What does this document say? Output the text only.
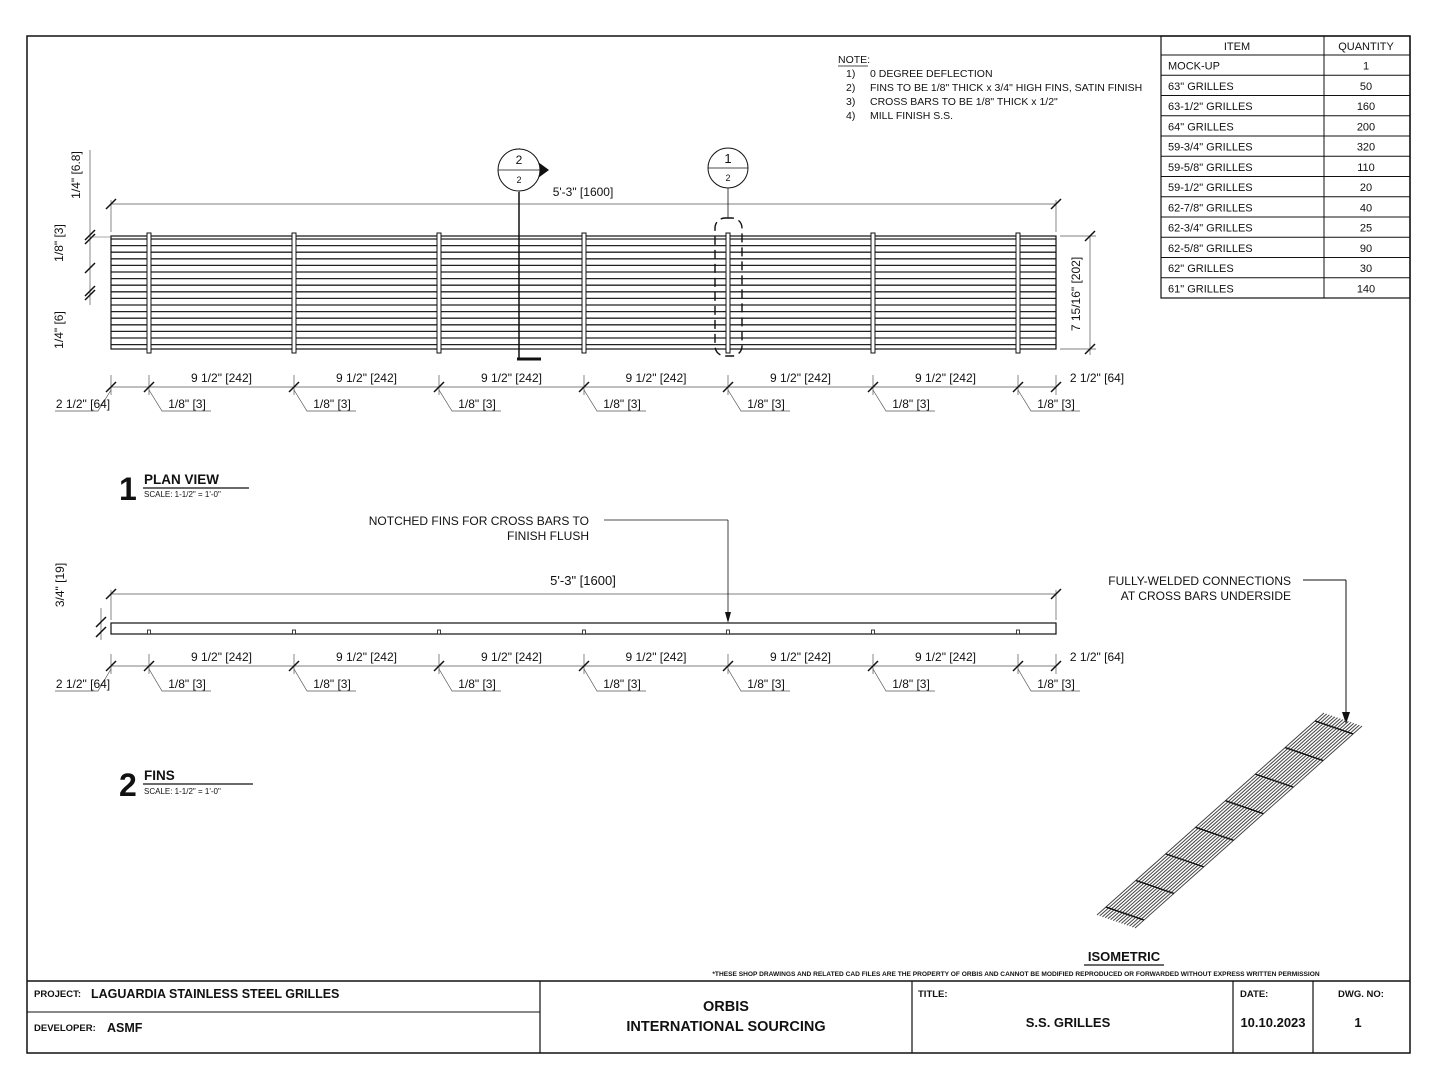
NOTE:
1) 0 DEGREE DEFLECTION
2) FINS TO BE 1/8" THICK x 3/4" HIGH FINS, SATIN FINISH
3) CROSS BARS TO BE 1/8" THICK x 1/2"
4) MILL FINISH S.S.
ITEM	QUANTITY
MOCK-UP	1
63" GRILLES	50
63-1/2" GRILLES	160
64" GRILLES	200
59-3/4" GRILLES	320
59-5/8" GRILLES	110
59-1/2" GRILLES	20
62-7/8" GRILLES	40
62-3/4" GRILLES	25
62-5/8" GRILLES	90
62" GRILLES	30
61" GRILLES	140
5'-3" [1600]
7 15/16" [202]
1/4" [6.8]
1/8" [3]
1/4" [6]
9 1/2" [242]	9 1/2" [242]	9 1/2" [242]	9 1/2" [242]	9 1/2" [242]	9 1/2" [242]	2 1/2" [64]
2 1/2" [64]	1/8" [3]	1/8" [3]	1/8" [3]	1/8" [3]	1/8" [3]	1/8" [3]	1/8" [3]
2
2
1
2
1 PLAN VIEW
SCALE: 1-1/2" = 1'-0"
5'-3" [1600]
3/4" [19]
NOTCHED FINS FOR CROSS BARS TO
FINISH FLUSH
9 1/2" [242]	9 1/2" [242]	9 1/2" [242]	9 1/2" [242]	9 1/2" [242]	9 1/2" [242]	2 1/2" [64]
2 1/2" [64]	1/8" [3]	1/8" [3]	1/8" [3]	1/8" [3]	1/8" [3]	1/8" [3]	1/8" [3]
2 FINS
SCALE: 1-1/2" = 1'-0"
FULLY-WELDED CONNECTIONS
AT CROSS BARS UNDERSIDE
ISOMETRIC
*THESE SHOP DRAWINGS AND RELATED CAD FILES ARE THE PROPERTY OF ORBIS AND CANNOT BE MODIFIED REPRODUCED OR FORWARDED WITHOUT EXPRESS WRITTEN PERMISSION
PROJECT: LAGUARDIA STAINLESS STEEL GRILLES
DEVELOPER: ASMF
ORBIS
INTERNATIONAL SOURCING
TITLE:
S.S. GRILLES
DATE:
10.10.2023
DWG. NO:
1
